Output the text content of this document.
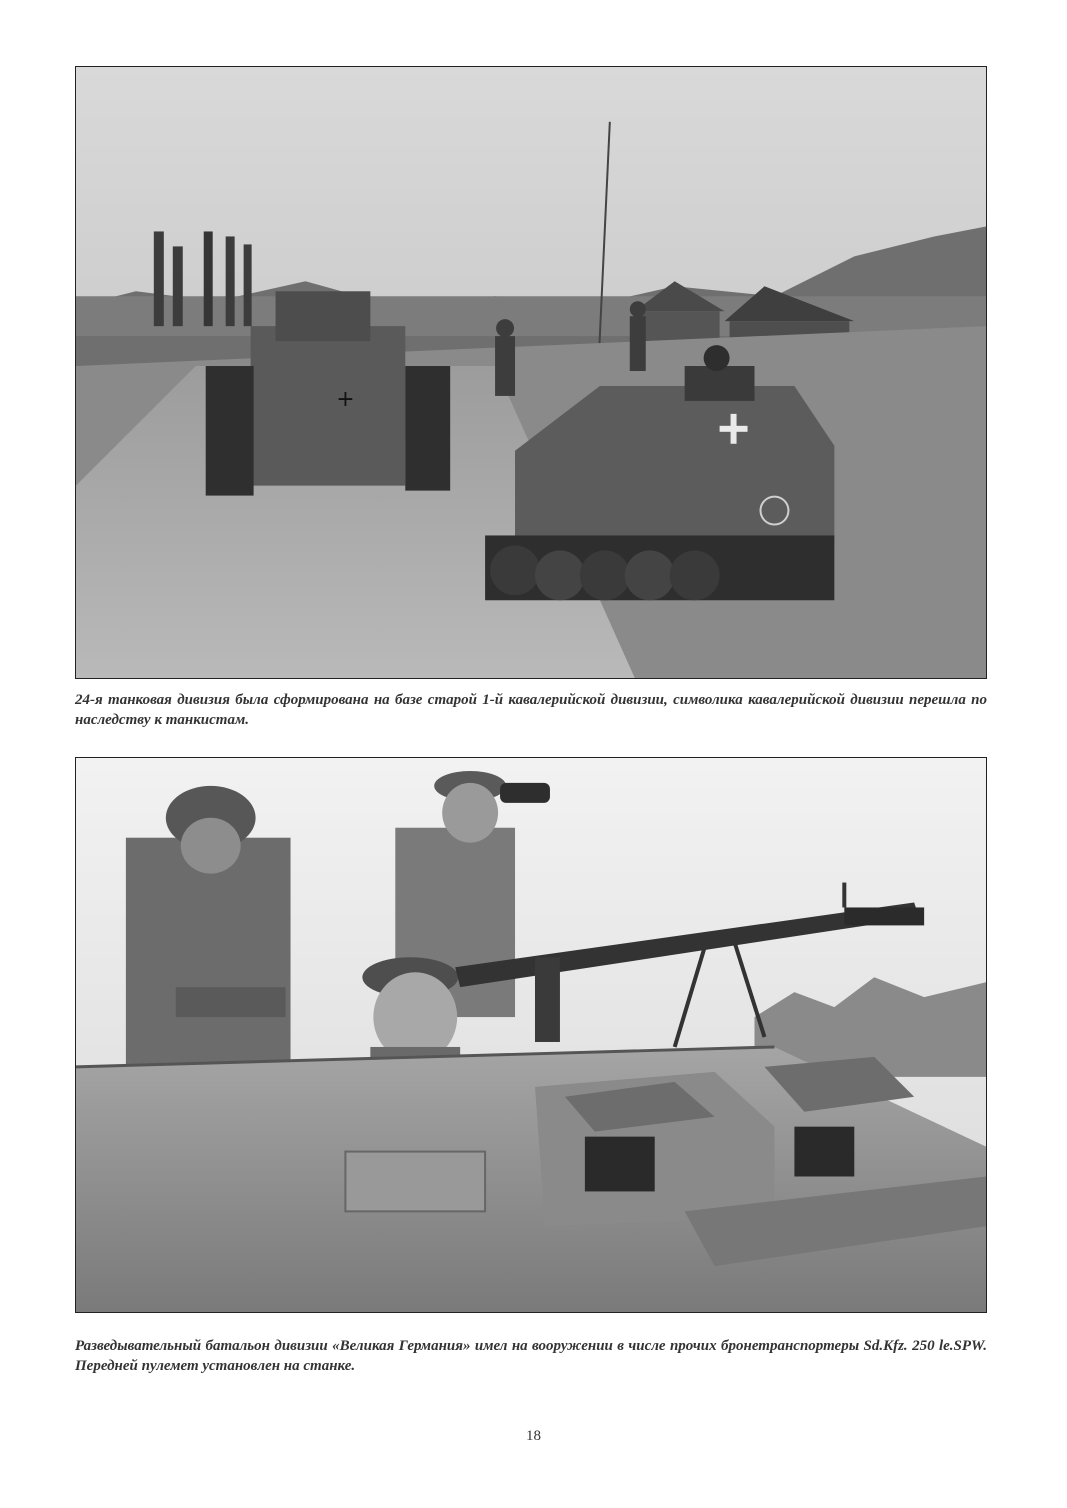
+

24-я танковая дивизия была сформирована на базе старой 1-й кавалерийской дивизии, символика кавалерийской дивизии перешла по наследству к танкистам.

Разведывательный батальон дивизии «Великая Германия» имел на вооружении в числе прочих бронетранспортеры Sd.Kfz. 250 le.SPW. Передней пулемет установлен на станке.

18
